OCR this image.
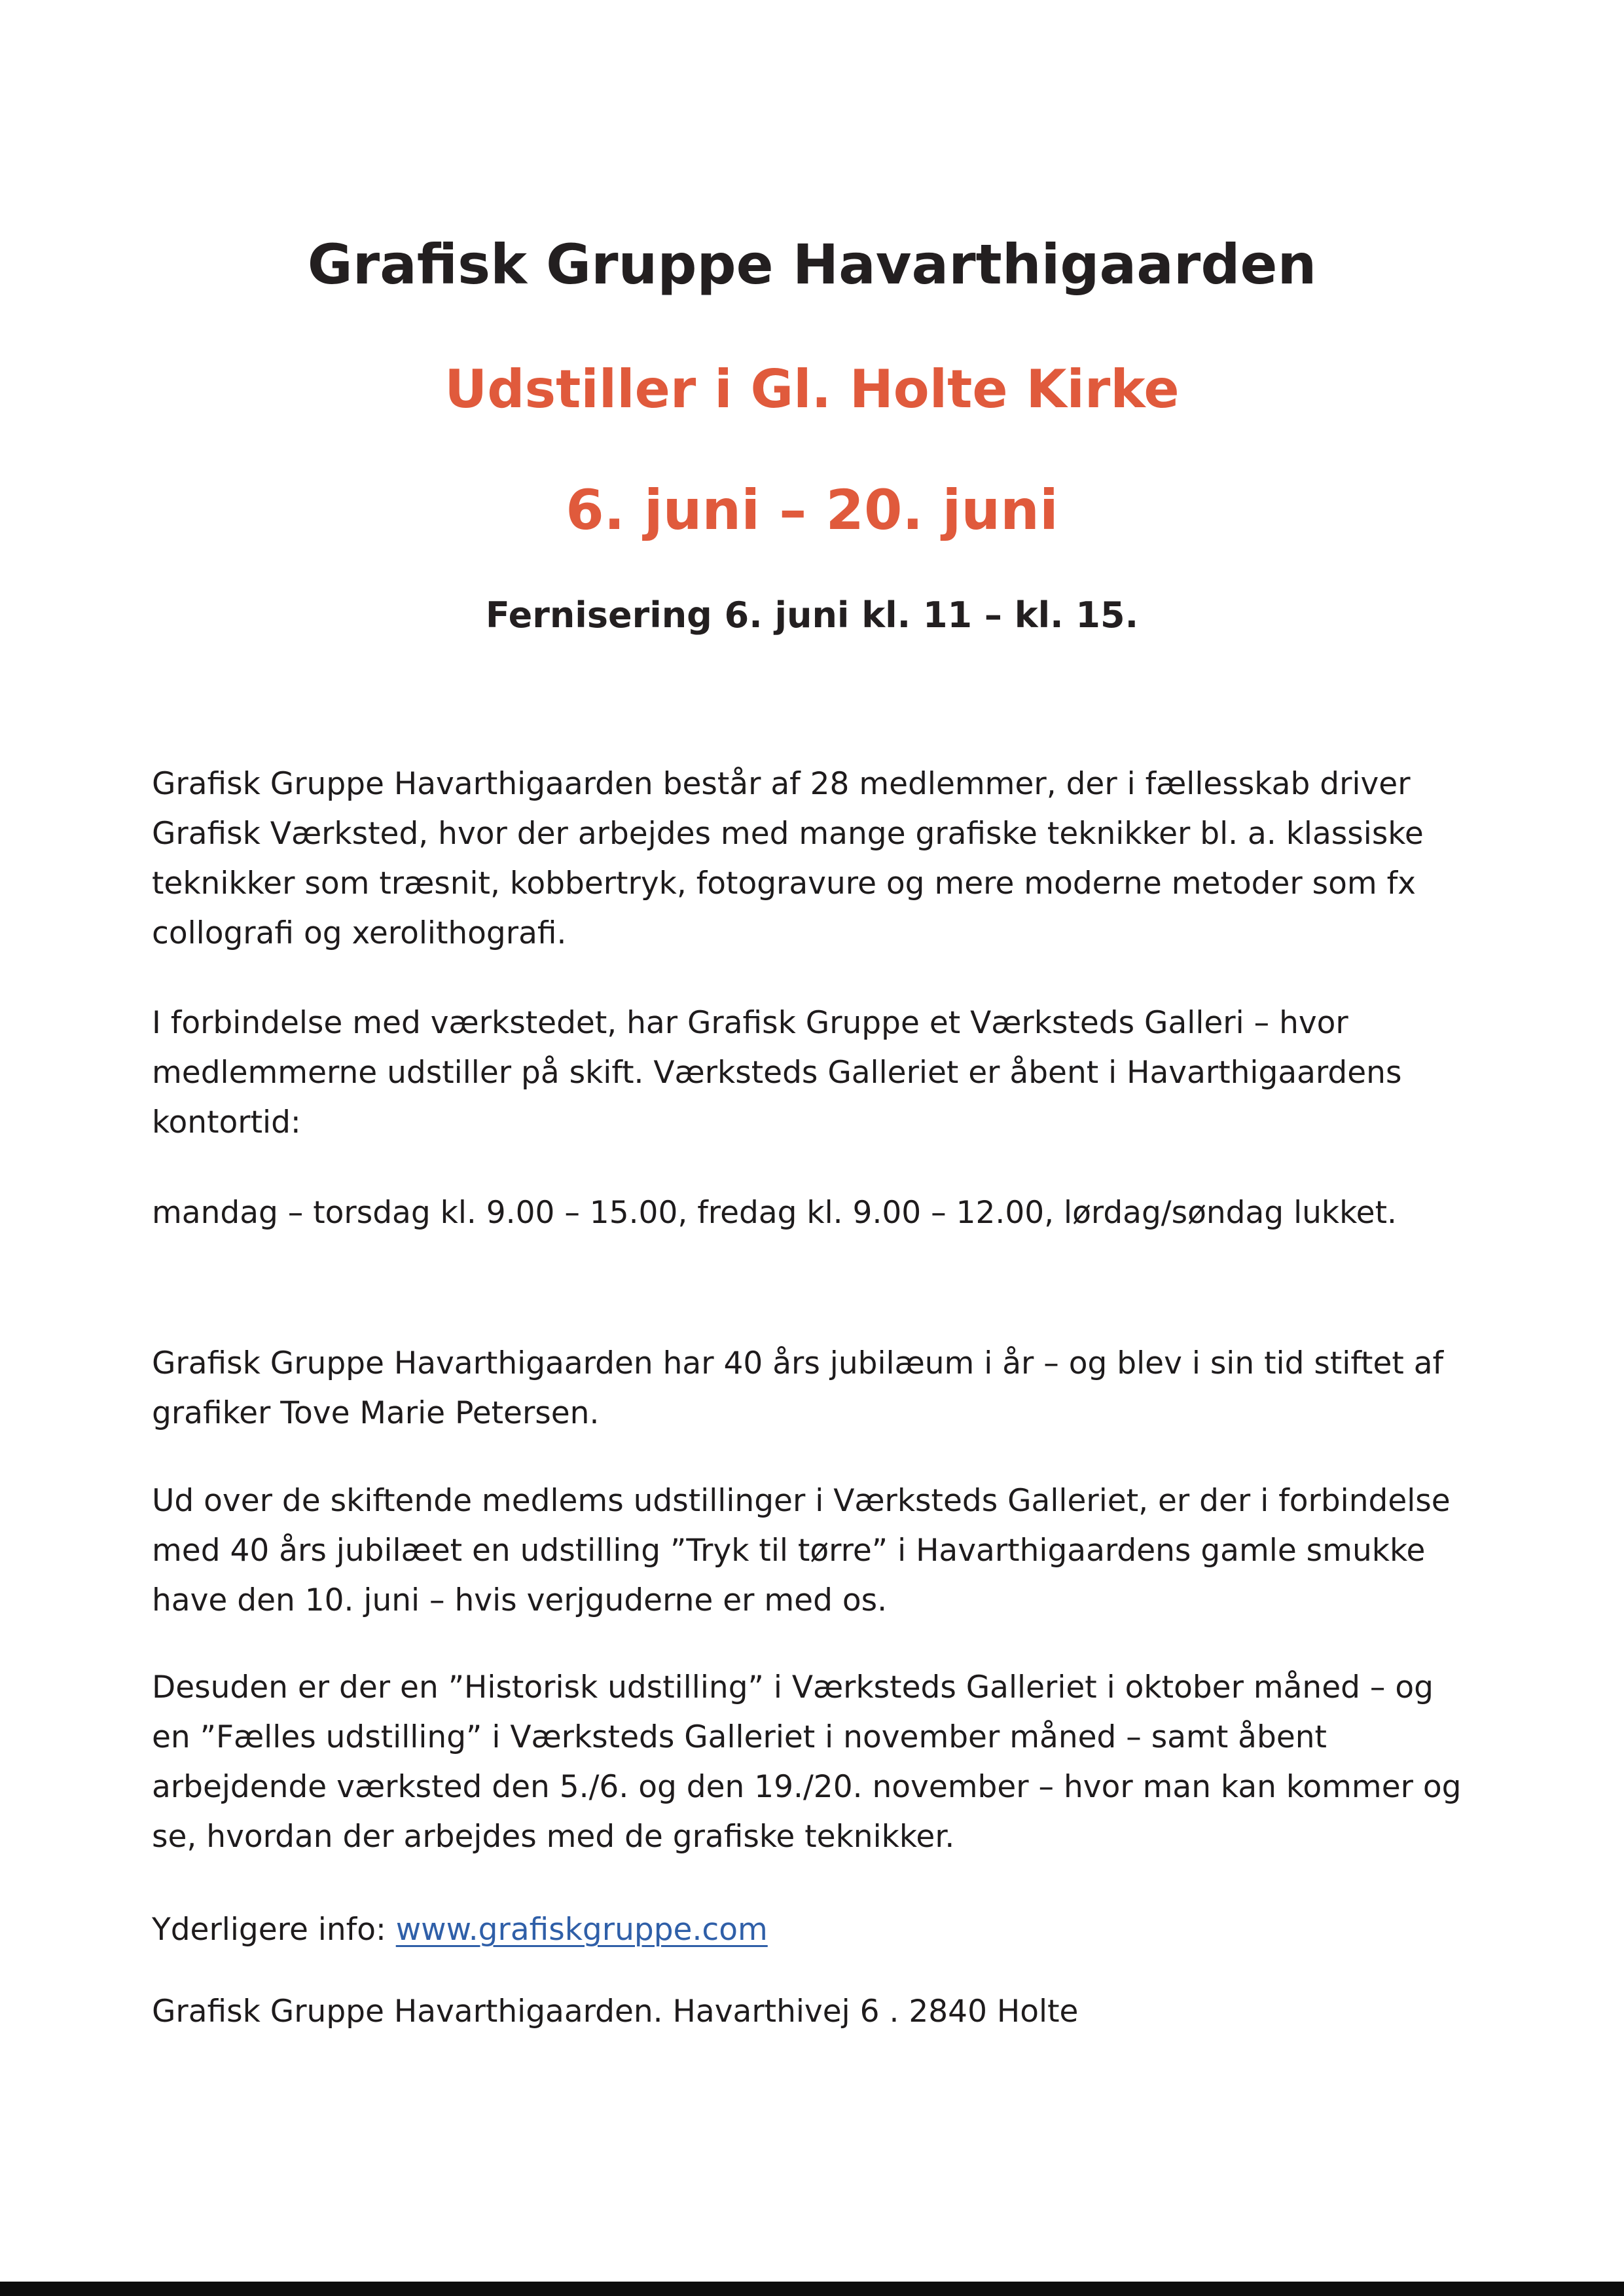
Grafisk Gruppe Havarthigaarden
Udstiller i Gl. Holte Kirke
6. juni – 20. juni
Fernisering 6. juni kl. 11 – kl. 15.

Grafisk Gruppe Havarthigaarden består af 28 medlemmer, der i fællesskab driver Grafisk Værksted, hvor der arbejdes med mange grafiske teknikker bl. a. klassiske teknikker som træsnit, kobbertryk, fotogravure og mere moderne metoder som fx collografi og xerolithografi.

I forbindelse med værkstedet, har Grafisk Gruppe et Værksteds Galleri – hvor medlemmerne udstiller på skift. Værksteds Galleriet er åbent i Havarthigaardens kontortid:

mandag – torsdag kl. 9.00 – 15.00, fredag kl. 9.00 – 12.00, lørdag/søndag lukket.

Grafisk Gruppe Havarthigaarden har 40 års jubilæum i år – og blev i sin tid stiftet af grafiker Tove Marie Petersen.

Ud over de skiftende medlems udstillinger i Værksteds Galleriet, er der i forbindelse med 40 års jubilæet en udstilling ”Tryk til tørre” i Havarthigaardens gamle smukke have den 10. juni – hvis verjguderne er med os.

Desuden er der en ”Historisk udstilling” i Værksteds Galleriet i oktober måned – og en ”Fælles udstilling” i Værksteds Galleriet i november måned – samt åbent arbejdende værksted den 5./6. og den 19./20. november – hvor man kan kommer og se, hvordan der arbejdes med de grafiske teknikker.

Yderligere info: www.grafiskgruppe.com

Grafisk Gruppe Havarthigaarden. Havarthivej 6 . 2840 Holte
